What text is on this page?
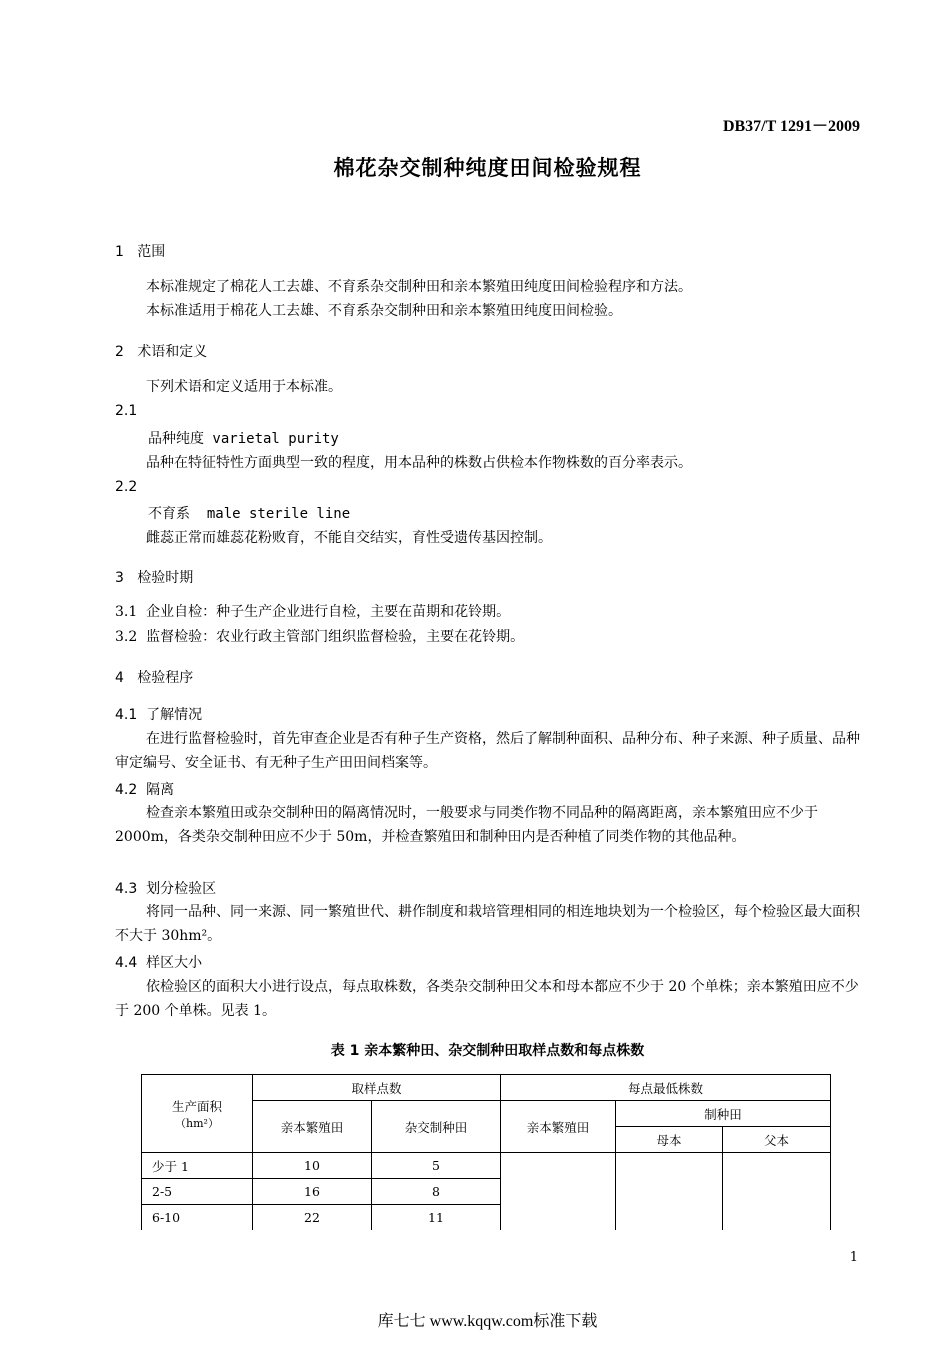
DB37/T 1291－2009
棉花杂交制种纯度田间检验规程
1 范围
本标准规定了棉花人工去雄、不育系杂交制种田和亲本繁殖田纯度田间检验程序和方法。
本标准适用于棉花人工去雄、不育系杂交制种田和亲本繁殖田纯度田间检验。
2 术语和定义
下列术语和定义适用于本标准。
2.1
品种纯度 varietal purity
品种在特征特性方面典型一致的程度，用本品种的株数占供检本作物株数的百分率表示。
2.2
不育系  male sterile line
雌蕊正常而雄蕊花粉败育，不能自交结实，育性受遗传基因控制。
3 检验时期
3.1  企业自检：种子生产企业进行自检，主要在苗期和花铃期。
3.2  监督检验：农业行政主管部门组织监督检验，主要在花铃期。
4 检验程序
4.1  了解情况
在进行监督检验时，首先审查企业是否有种子生产资格，然后了解制种面积、品种分布、种子来源、种子质量、品种审定编号、安全证书、有无种子生产田田间档案等。
4.2  隔离
检查亲本繁殖田或杂交制种田的隔离情况时，一般要求与同类作物不同品种的隔离距离，亲本繁殖田应不少于 2000m，各类杂交制种田应不少于 50m，并检查繁殖田和制种田内是否种植了同类作物的其他品种。
4.3  划分检验区
将同一品种、同一来源、同一繁殖世代、耕作制度和栽培管理相同的相连地块划为一个检验区，每个检验区最大面积不大于 30hm²。
4.4  样区大小
依检验区的面积大小进行设点，每点取株数，各类杂交制种田父本和母本都应不少于 20 个单株；亲本繁殖田应不少于 200 个单株。见表 1。
表 1 亲本繁种田、杂交制种田取样点数和每点株数
生产面积
（hm²）	取样点数		每点最低株数		
	亲本繁殖田	杂交制种田	亲本繁殖田	制种田	
				母本	父本
少于 1	10	5			
2-5	16	8			
6-10	22	11			
1
库七七 www.kqqw.com标准下载
